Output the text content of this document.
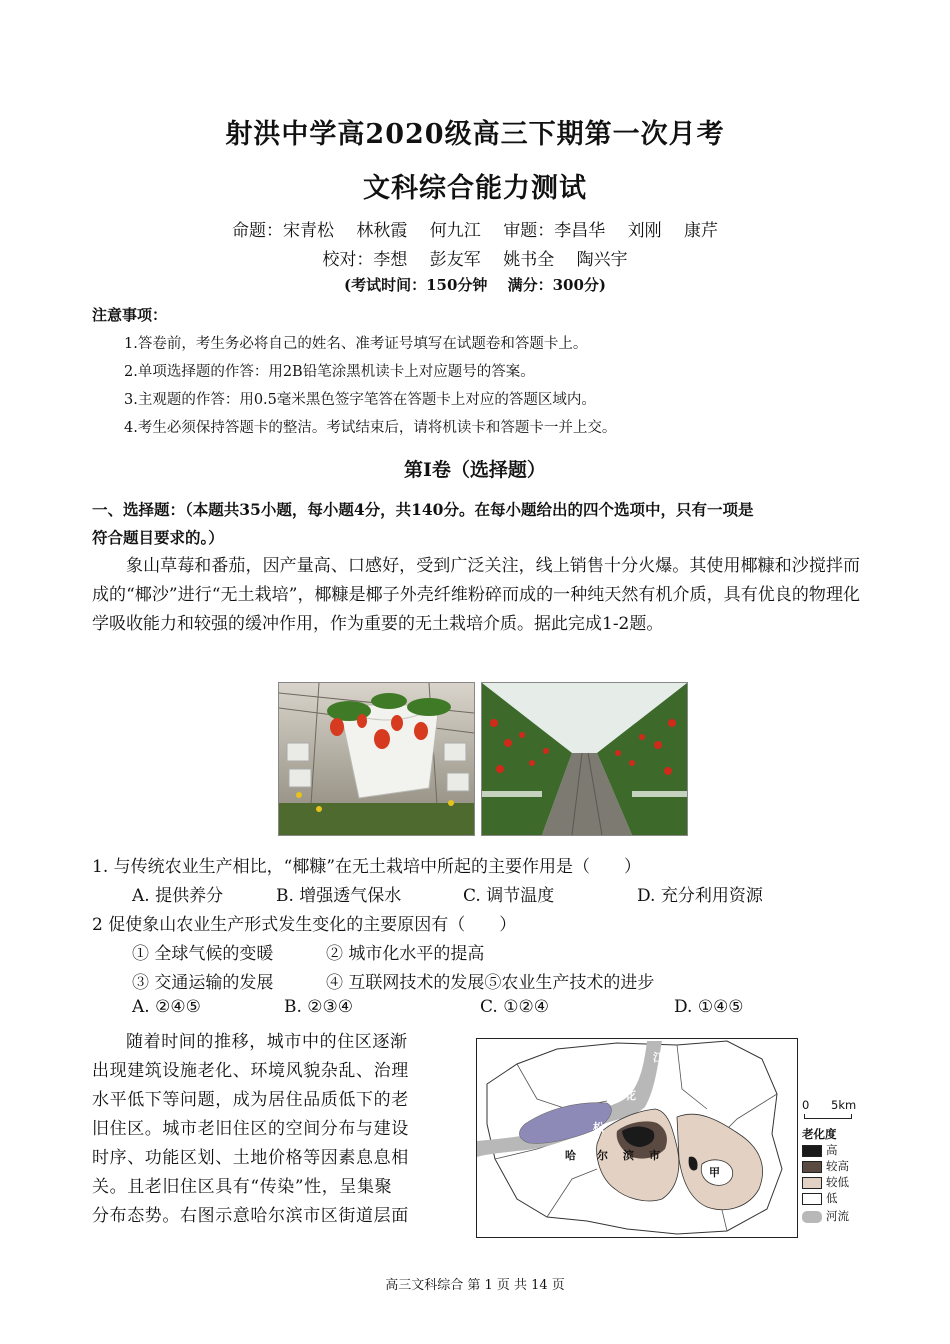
射洪中学高2020级高三下期第一次月考
文科综合能力测试
命题：宋青松　 林秋霞　 何九江　 审题：李昌华　 刘刚　 康芹
校对：李想　 彭友军　 姚书全　 陶兴宇
(考试时间：150分钟　 满分：300分)
注意事项：
1.答卷前，考生务必将自己的姓名、准考证号填写在试题卷和答题卡上。
2.单项选择题的作答：用2B铅笔涂黑机读卡上对应题号的答案。
3.主观题的作答：用0.5毫米黑色签字笔答在答题卡上对应的答题区域内。
4.考生必须保持答题卡的整洁。考试结束后，请将机读卡和答题卡一并上交。
第I卷（选择题）
一、选择题：（本题共35小题，每小题4分，共140分。在每小题给出的四个选项中，只有一项是
符合题目要求的。）
象山草莓和番茄，因产量高、口感好，受到广泛关注，线上销售十分火爆。其使用椰糠和沙搅拌而成的“椰沙”进行“无土栽培”，椰糠是椰子外壳纤维粉碎而成的一种纯天然有机介质，具有优良的物理化学吸收能力和较强的缓冲作用，作为重要的无土栽培介质。据此完成1-2题。
1. 与传统农业生产相比，“椰糠”在无土栽培中所起的主要作用是（　　）
A. 提供养分	B. 增强透气保水	C. 调节温度	D. 充分利用资源
2 促使象山农业生产形式发生变化的主要原因有（　　）
① 全球气候的变暖	② 城市化水平的提高
③ 交通运输的发展	④ 互联网技术的发展⑤农业生产技术的进步
A. ②④⑤	B. ②③④	C. ①②④	D. ①④⑤
随着时间的推移，城市中的住区逐渐
出现建筑设施老化、环境风貌杂乱、治理
水平低下等问题，成为居住品质低下的老
旧住区。城市老旧住区的空间分布与建设
时序、功能区划、土地价格等因素息息相
关。且老旧住区具有“传染”性，呈集聚
分布态势。右图示意哈尔滨市区街道层面
江
花
松
哈 尔 滨 市
甲
0 5km
老化度
高
较高
较低
低
河流
高三文科综合 第 1 页 共 14 页
